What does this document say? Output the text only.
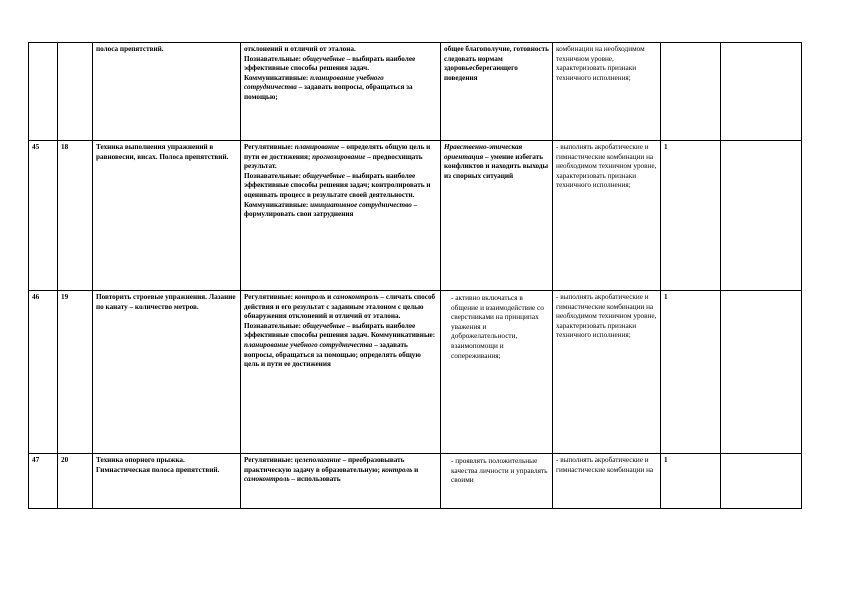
		полоса препятствий.	отклонений и отличий от эталона.
Познавательные: общеучебные – выбирать наиболее эффективные способы решения задач.
Коммуникативные: планирование учебного сотрудничества – задавать вопросы, обращаться за помощью;	общее благополучие, готовность следовать нормам здоровьесберегающего поведения	комбинации на необходимом техничном уровне, характеризовать признаки техничного исполнения;		
45	18	Техника выполнения упражнений в равновесии, висах. Полоса препятствий.	Регулятивные: планирование – определять общую цель и пути ее достижения; прогнозирование – предвосхищать результат.
Познавательные: общеучебные – выбирать наиболее эффективные способы решения задач; контролировать и оценивать процесс в результате своей деятельности.
Коммуникативные: инициативное сотрудничество – формулировать свои затруднения	Нравственно-этическая ориентация – умение избегать конфликтов и находить выходы из спорных ситуаций	- выполнять акробатические и гимнастические комбинации на необходимом техничном уровне, характеризовать признаки техничного исполнения;	1	
46	19	Повторить строевые упражнения. Лазание по канату – количество метров.	Регулятивные: контроль и самоконтроль – сличать способ действия и его результат с заданным эталоном с целью обнаружения отклонений и отличий от эталона.
Познавательные: общеучебные – выбирать наиболее эффективные способы решения задач. Коммуникативные: планирование учебного сотрудничества – задавать вопросы, обращаться за помощью; определять общую цель и пути ее достижения	- активно включаться в общение и взаимодействие со сверстниками на принципах уважения и доброжелательности, взаимопомощи и сопереживания;	- выполнять акробатические и гимнастические комбинации на необходимом техничном уровне, характеризовать признаки техничного исполнения;	1	
47	20	Техника опорного прыжка. Гимнастическая полоса препятствий.	Регулятивные: целеполагание – преобразовывать практическую задачу в образовательную; контроль и самоконтроль – использовать	- проявлять положительные качества личности и управлять своими	- выполнять акробатические и гимнастические комбинации на	1	
